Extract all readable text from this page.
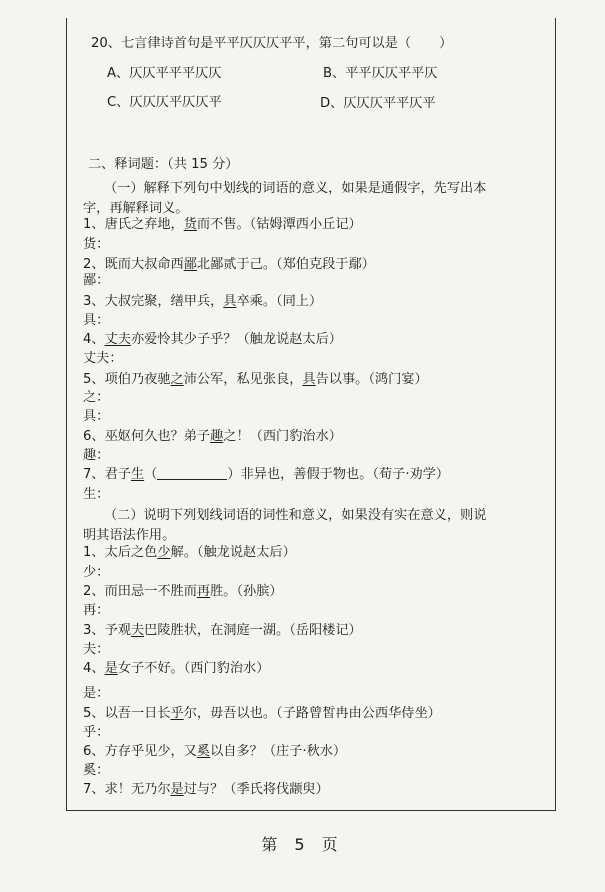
20、七言律诗首句是平平仄仄仄平平，第二句可以是（ ）
A、仄仄平平平仄仄	B、平平仄仄平平仄
C、仄仄仄平仄仄平	D、仄仄仄平平仄平
二、释词题：（共 15 分）
（一）解释下列句中划线的词语的意义，如果是通假字，先写出本
字，再解释词义。
1、唐氏之弃地，货而不售。（钴姆潭西小丘记）
货：
2、既而大叔命西鄙北鄙贰于己。（郑伯克段于鄢）
鄙：
3、大叔完聚，缮甲兵，具卒乘。（同上）
具：
4、丈夫亦爱怜其少子乎？（触龙说赵太后）
丈夫：
5、项伯乃夜驰之沛公军，私见张良，具告以事。（鸿门宴）
之：
具：
6、巫妪何久也？弟子趣之！（西门豹治水）
趣：
7、君子生（	）非异也，善假于物也。（荀子·劝学）
生：
（二）说明下列划线词语的词性和意义，如果没有实在意义，则说
明其语法作用。
1、太后之色少解。（触龙说赵太后）
少：
2、而田忌一不胜而再胜。（孙膑）
再：
3、予观夫巴陵胜状，在洞庭一湖。（岳阳楼记）
夫：
4、是女子不好。（西门豹治水）
是：
5、以吾一日长乎尔，毋吾以也。（子路曾皙冉由公西华侍坐）
乎：
6、方存乎见少，又奚以自多？（庄子·秋水）
奚：
7、求！无乃尔是过与？（季氏将伐颛臾）
第 5 页
